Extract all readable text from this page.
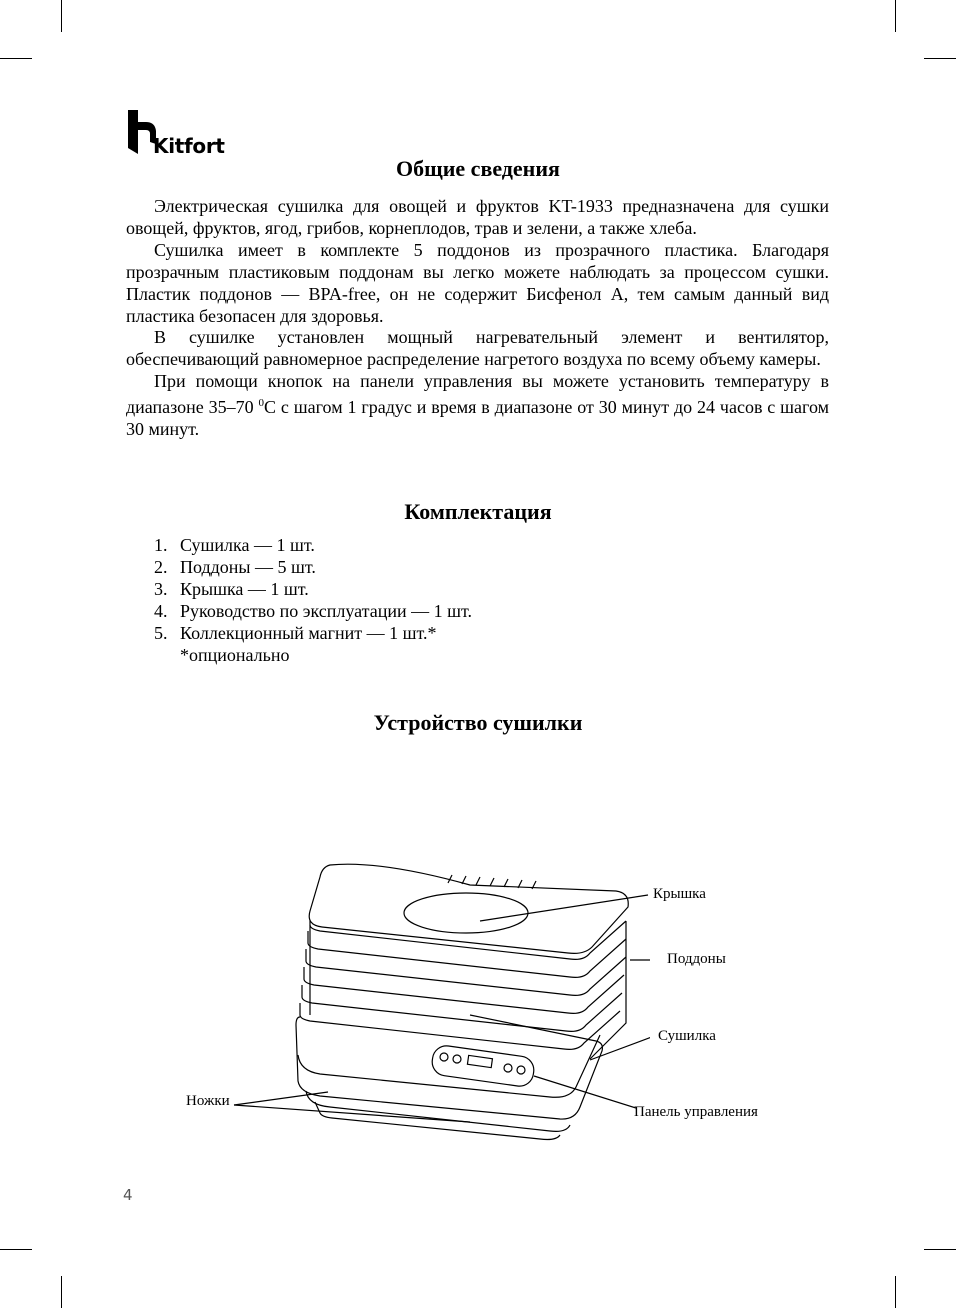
Kitfort
Общие сведения

Электрическая сушилка для овощей и фруктов KT-1933 предназначена для сушки овощей, фруктов, ягод, грибов, корнеплодов, трав и зелени, а также хлеба.

Сушилка имеет в комплекте 5 поддонов из прозрачного пластика. Благодаря прозрачным пластиковым поддонам вы легко можете наблюдать за процессом сушки. Пластик поддонов — BPA-free, он не содержит Бисфенол А, тем самым данный вид пластика безопасен для здоровья.

В сушилке установлен мощный нагревательный элемент и вентилятор, обеспечивающий равномерное распределение нагретого воздуха по всему объему камеры.

При помощи кнопок на панели управления вы можете установить температуру в диапазоне 35–70 $^0$С с шагом 1 градус и время в диапазоне от 30 минут до 24 часов с шагом 30 минут.

Комплектация
1. Сушилка — 1 шт.
2. Поддоны — 5 шт.
3. Крышка — 1 шт.
4. Руководство по эксплуатации — 1 шт.
5. Коллекционный магнит — 1 шт.*
*опционально
Устройство сушилки
Крышка
Поддоны
Сушилка
Панель управления
Ножки
4
